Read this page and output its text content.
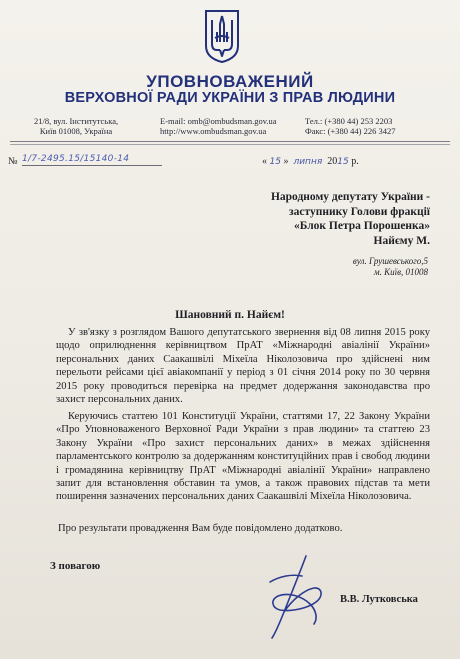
УПОВНОВАЖЕНИЙ
ВЕРХОВНОЇ РАДИ УКРАЇНИ З ПРАВ ЛЮДИНИ
21/8, вул. Інститутська,
Київ 01008, Україна
E-mail: omb@ombudsman.gov.ua
http://www.ombudsman.gov.ua
Тел.: (+380 44) 253 2203
Факс: (+380 44) 226 3427
№ 1/7-2495.15/15140-14	« 15 » липня 2015 р.
Народному депутату України -
заступнику Голови фракції
«Блок Петра Порошенка»
Найєму М.
вул. Грушевського,5
м. Київ, 01008
Шановний п. Найєм!
У зв'язку з розглядом Вашого депутатського звернення від 08 липня 2015 року щодо оприлюднення керівництвом ПрАТ «Міжнародні авіалінії України» персональних даних Саакашвілі Міхеїла Ніколозовича про здійснені ним перельоти рейсами цієї авіакомпанії у період з 01 січня 2014 року по 30 червня 2015 року проводиться перевірка на предмет додержання законодавства про захист персональних даних.
Керуючись статтею 101 Конституції України, статтями 17, 22 Закону України «Про Уповноваженого Верховної Ради України з прав людини» та статтею 23 Закону України «Про захист персональних даних» в межах здійснення парламентського контролю за додержанням конституційних прав і свобод людини і громадянина керівництву ПрАТ «Міжнародні авіалінії України» направлено запит для встановлення обставин та умов, а також правових підстав та мети поширення зазначених персональних даних Саакашвілі Міхеїла Ніколозовича.
Про результати провадження Вам буде повідомлено додатково.
З повагою
В.В. Лутковська
